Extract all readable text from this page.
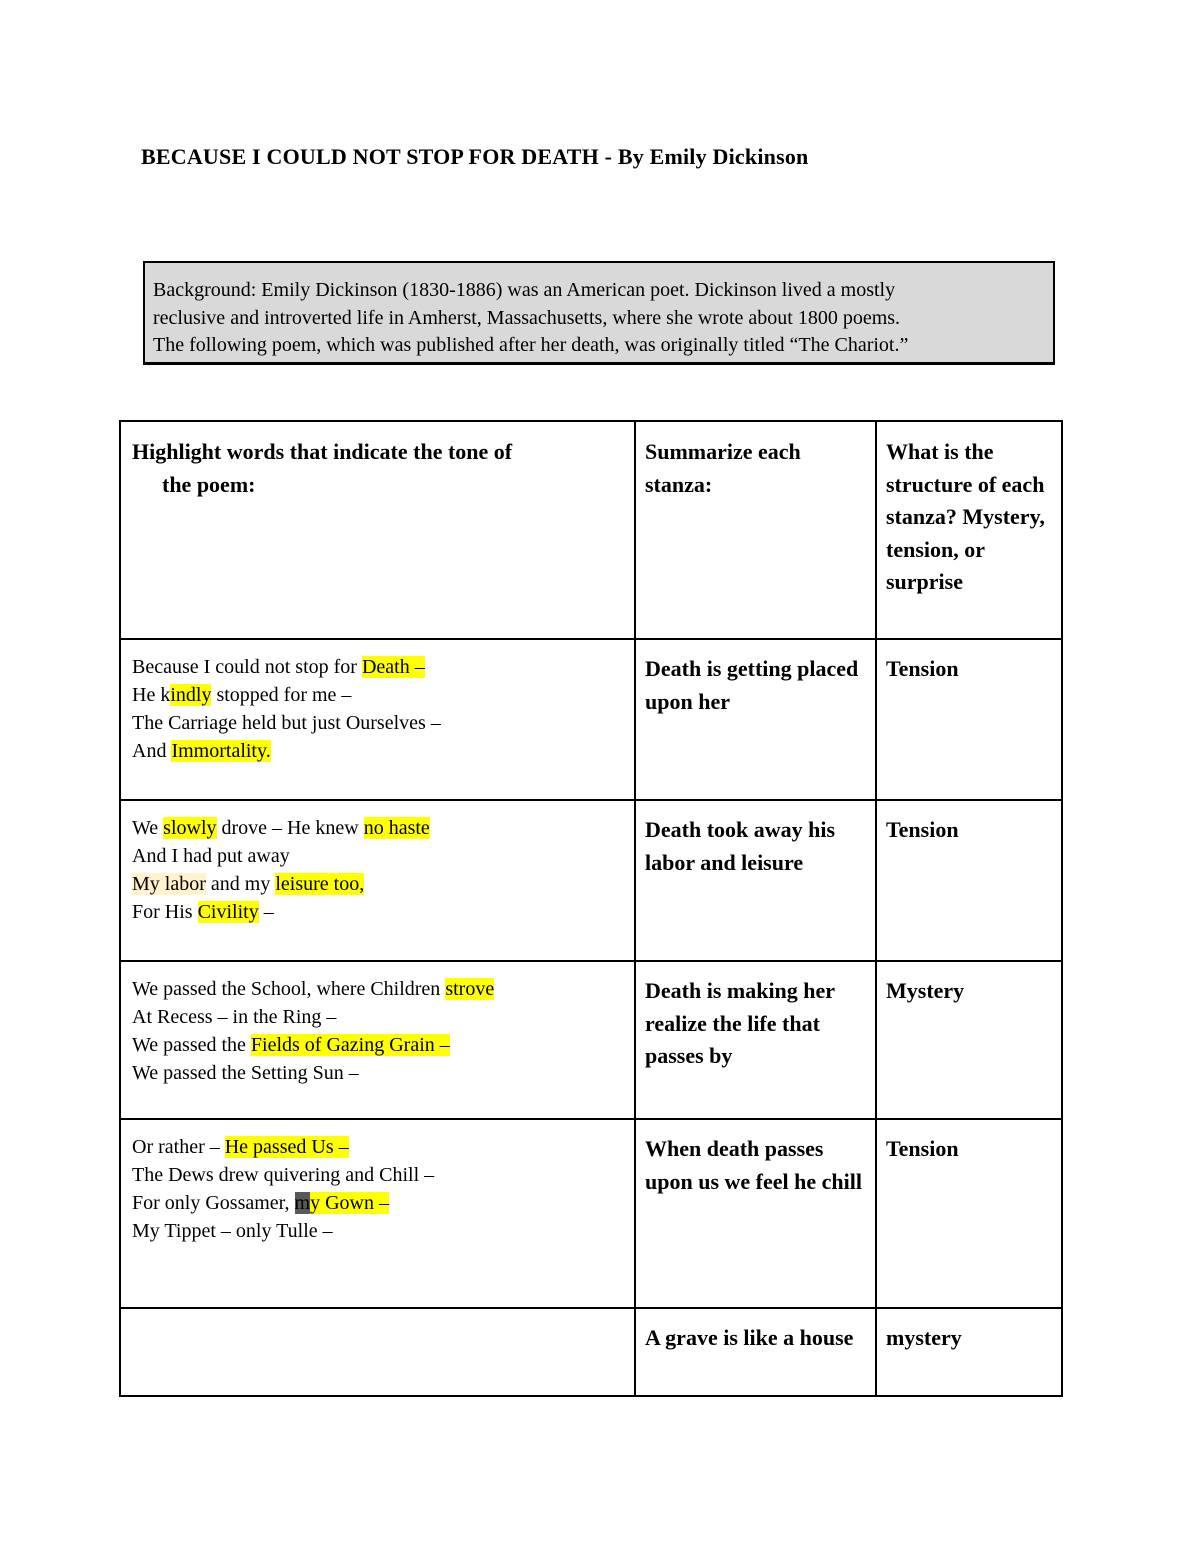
BECAUSE I COULD NOT STOP FOR DEATH - By Emily Dickinson
Background: Emily Dickinson (1830-1886) was an American poet. Dickinson lived a mostly
reclusive and introverted life in Amherst, Massachusetts, where she wrote about 1800 poems.
The following poem, which was published after her death, was originally titled “The Chariot.”
Highlight words that indicate the tone of
the poem:	Summarize each stanza:	What is the structure of each stanza? Mystery, tension, or surprise

Because I could not stop for Death –
He kindly stopped for me –
The Carriage held but just Ourselves –
And Immortality.	Death is getting placed upon her	Tension

We slowly drove – He knew no haste
And I had put away
My labor and my leisure too,
For His Civility –	Death took away his labor and leisure	Tension

We passed the School, where Children strove
At Recess – in the Ring –
We passed the Fields of Gazing Grain –
We passed the Setting Sun –	Death is making her realize the life that passes by	Mystery

Or rather – He passed Us –
The Dews drew quivering and Chill –
For only Gossamer, my Gown –
My Tippet – only Tulle –	When death passes upon us we feel he chill	Tension
	A grave is like a house	mystery
